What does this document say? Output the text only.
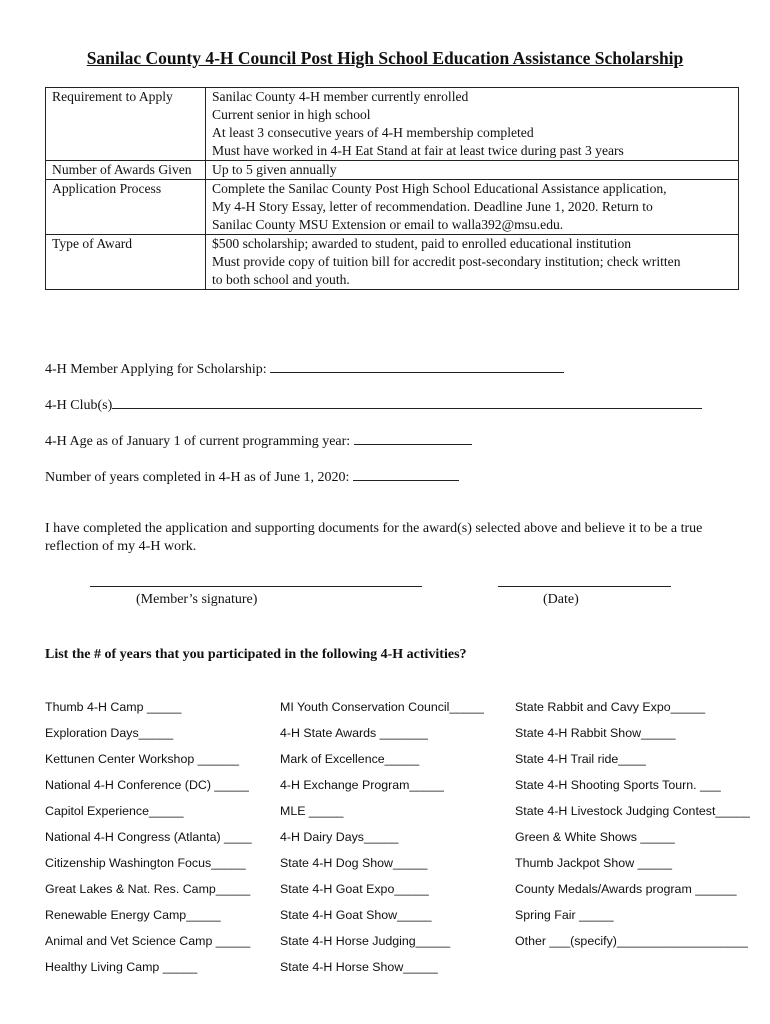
Sanilac County 4-H Council Post High School Education Assistance Scholarship
Requirement to Apply	Sanilac County 4-H member currently enrolled
Current senior in high school
At least 3 consecutive years of 4-H membership completed
Must have worked in 4-H Eat Stand at fair at least twice during past 3 years

Number of Awards Given	Up to 5 given annually

Application Process	Complete the Sanilac County Post High School Educational Assistance application,
My 4-H Story Essay, letter of recommendation. Deadline June 1, 2020. Return to
Sanilac County MSU Extension or email to walla392@msu.edu.

Type of Award	$500 scholarship; awarded to student, paid to enrolled educational institution
Must provide copy of tuition bill for accredit post-secondary institution; check written
to both school and youth.
4-H Member Applying for Scholarship:
4-H Club(s)
4-H Age as of January 1 of current programming year:
Number of years completed in 4-H as of June 1, 2020:
I have completed the application and supporting documents for the award(s) selected above and believe it to be a true reflection of my 4-H work.
(Member’s signature)	(Date)
List the # of years that you participated in the following 4-H activities?
Thumb 4-H Camp _____
Exploration Days_____
Kettunen Center Workshop ______
National 4-H Conference (DC) _____
Capitol Experience_____
National 4-H Congress (Atlanta) ____
Citizenship Washington Focus_____
Great Lakes & Nat. Res. Camp_____
Renewable Energy Camp_____
Animal and Vet Science Camp _____
Healthy Living Camp _____
MI Youth Conservation Council_____
4-H State Awards _______
Mark of Excellence_____
4-H Exchange Program_____
MLE _____
4-H Dairy Days_____
State 4-H Dog Show_____
State 4-H Goat Expo_____
State 4-H Goat Show_____
State 4-H Horse Judging_____
State 4-H Horse Show_____
State Rabbit and Cavy Expo_____
State 4-H Rabbit Show_____
State 4-H Trail ride____
State 4-H Shooting Sports Tourn. ___
State 4-H Livestock Judging Contest_____
Green & White Shows _____
Thumb Jackpot Show _____
County Medals/Awards program ______
Spring Fair _____
Other ___(specify)___________________
